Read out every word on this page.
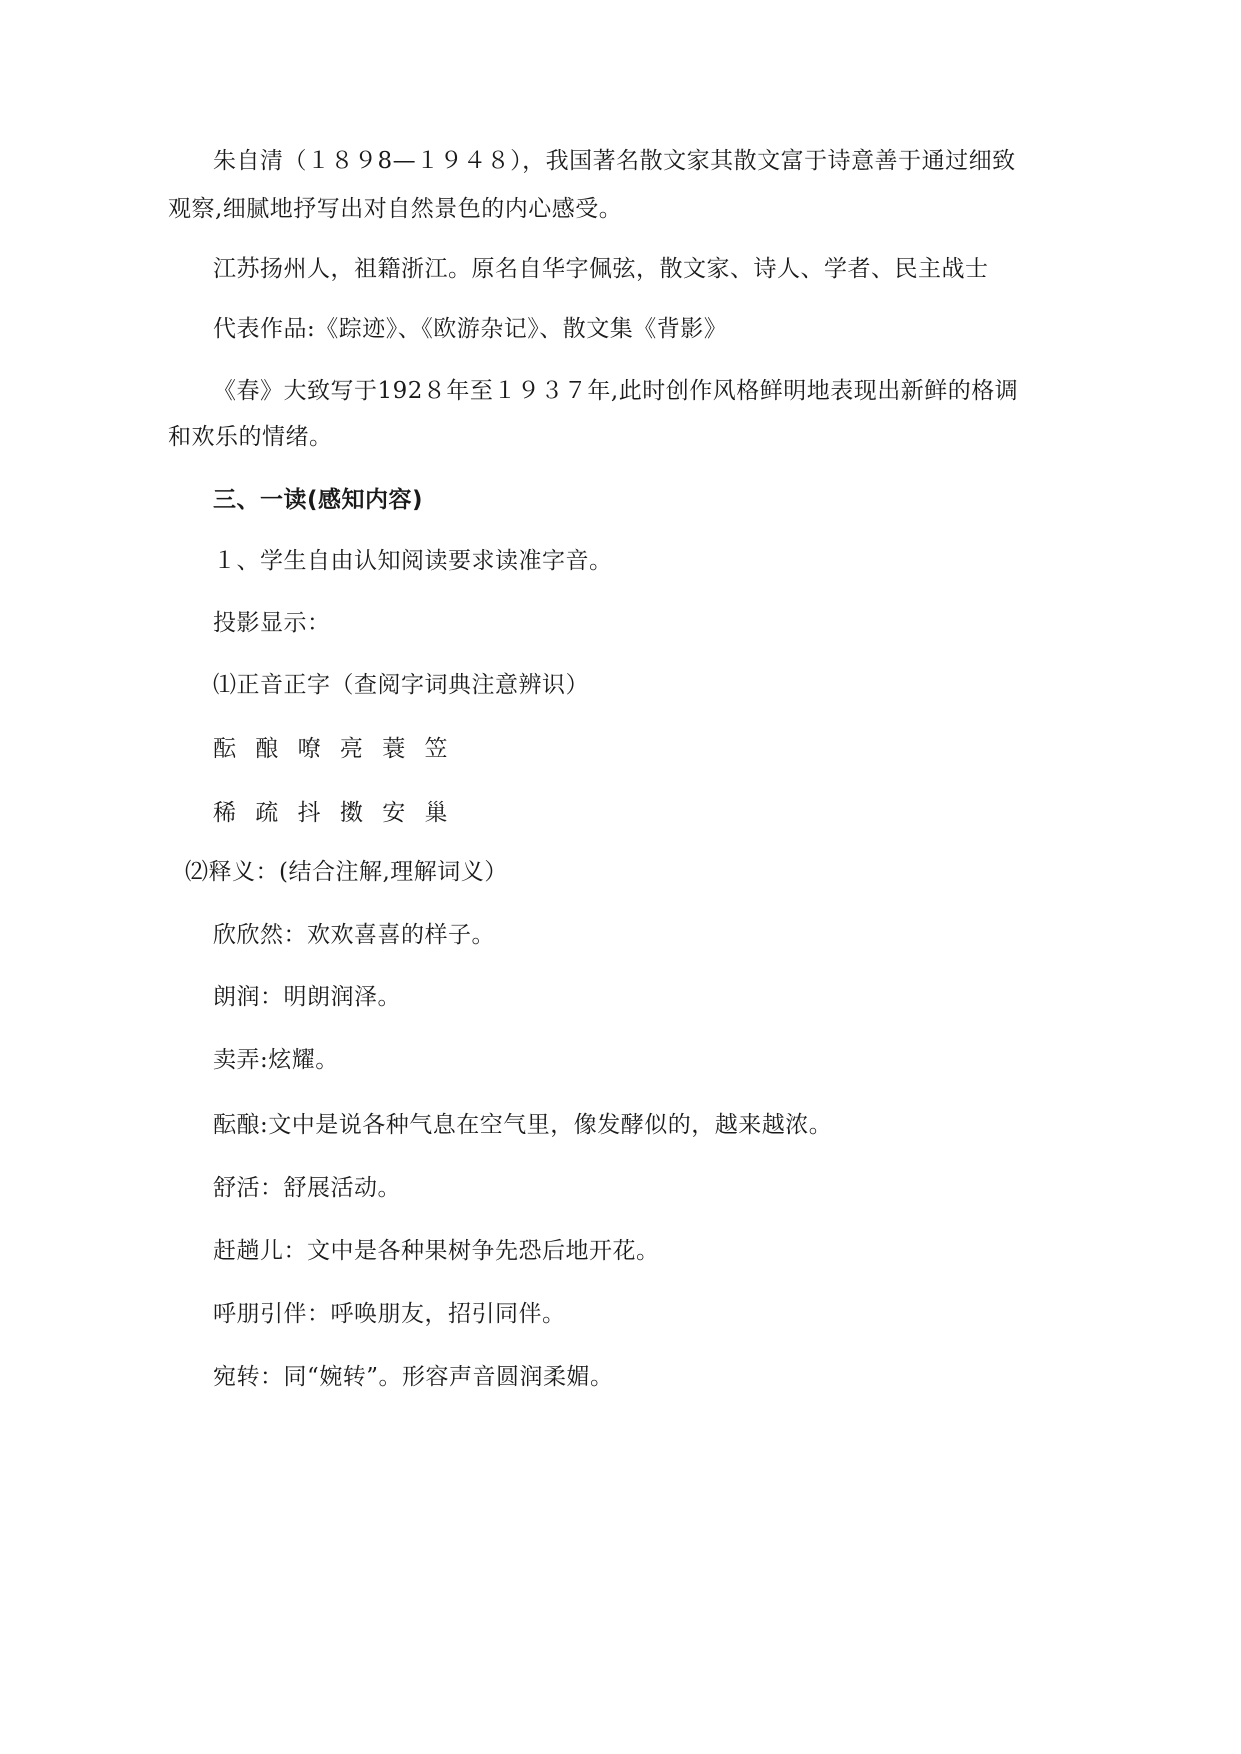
朱自清（１８９8—１９４８），我国著名散文家其散文富于诗意善于通过细致
观察,细腻地抒写出对自然景色的内心感受。
江苏扬州人，祖籍浙江。原名自华字佩弦，散文家、诗人、学者、民主战士
代表作品:《踪迹》、《欧游杂记》、散文集《背影》
《春》大致写于192８年至１９３７年,此时创作风格鲜明地表现出新鲜的格调
和欢乐的情绪。
三、一读(感知内容)
１、学生自由认知阅读要求读准字音。
投影显示：
⑴正音正字（查阅字词典注意辨识）
酝 酿 嘹 亮 蓑 笠
稀 疏 抖 擞 安 巢
⑵释义：(结合注解,理解词义）
欣欣然：欢欢喜喜的样子。
朗润：明朗润泽。
卖弄:炫耀。
酝酿:文中是说各种气息在空气里，像发酵似的，越来越浓。
舒活：舒展活动。
赶趟儿：文中是各种果树争先恐后地开花。
呼朋引伴：呼唤朋友，招引同伴。
宛转：同“婉转”。形容声音圆润柔媚。
